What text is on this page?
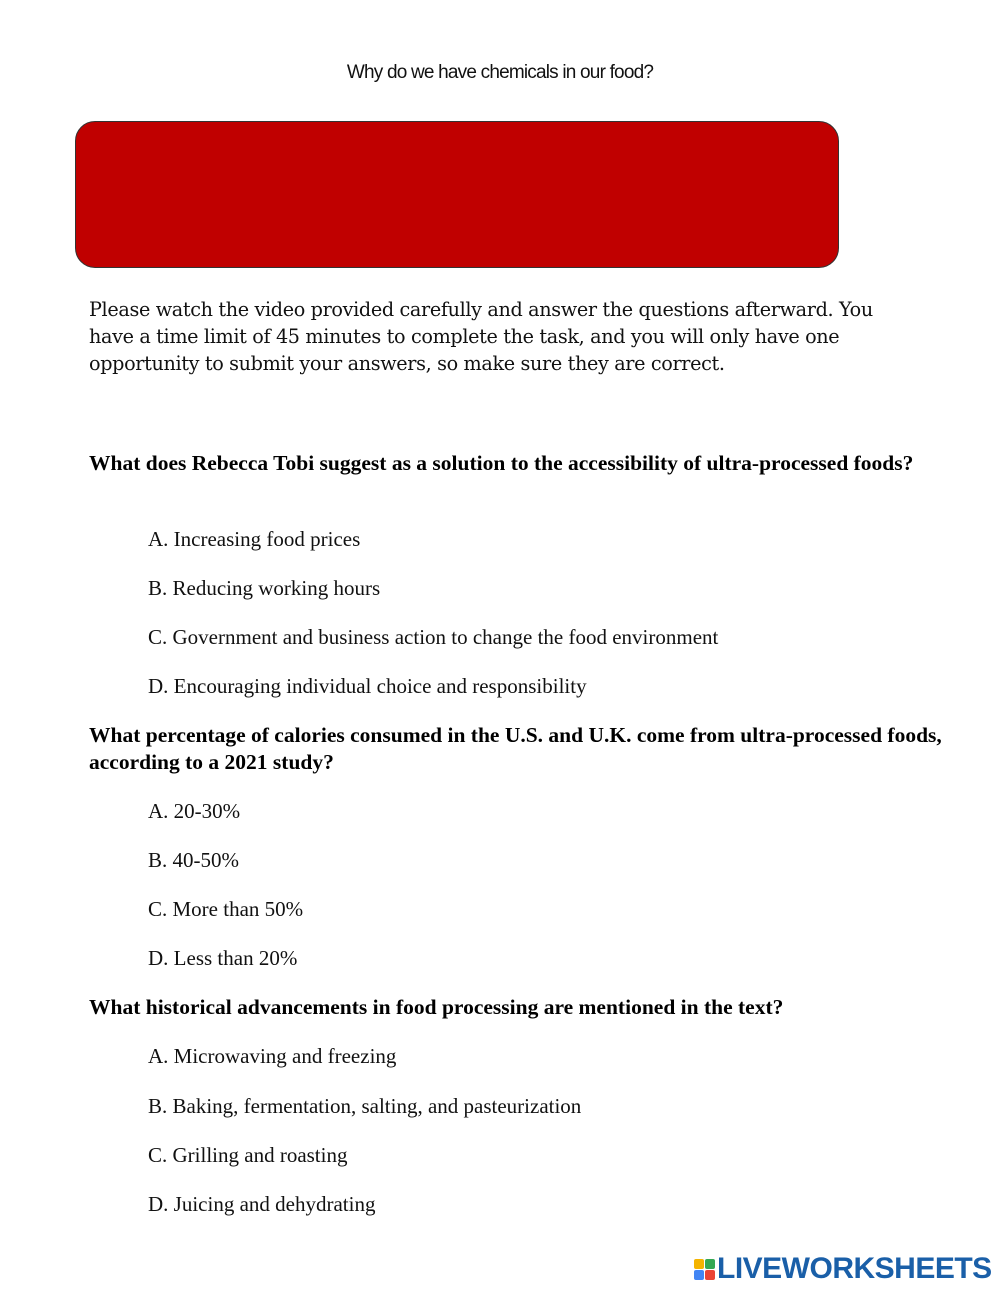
Why do we have chemicals in our food?
Please watch the video provided carefully and answer the questions afterward. You have a time limit of 45 minutes to complete the task, and you will only have one opportunity to submit your answers, so make sure they are correct.
What does Rebecca Tobi suggest as a solution to the accessibility of ultra-processed foods?
A. Increasing food prices
B. Reducing working hours
C. Government and business action to change the food environment
D. Encouraging individual choice and responsibility
What percentage of calories consumed in the U.S. and U.K. come from ultra-processed foods, according to a 2021 study?
A. 20-30%
B. 40-50%
C. More than 50%
D. Less than 20%
What historical advancements in food processing are mentioned in the text?
A. Microwaving and freezing
B. Baking, fermentation, salting, and pasteurization
C. Grilling and roasting
D. Juicing and dehydrating
LIVEWORKSHEETS
